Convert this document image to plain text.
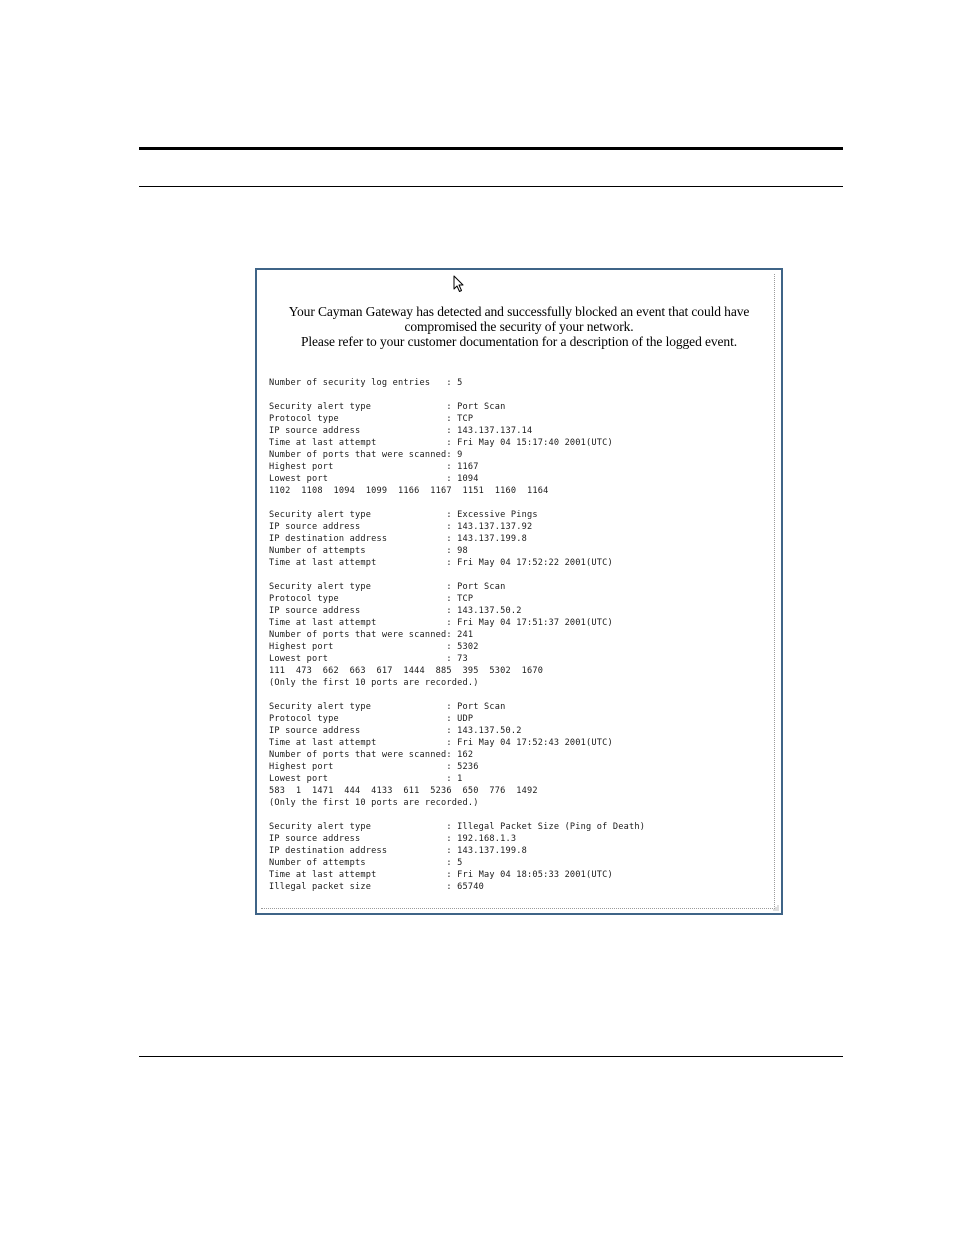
Your Cayman Gateway has detected and successfully blocked an event that could have
compromised the security of your network.
Please refer to your customer documentation for a description of the logged event.
Number of security log entries   : 5
Security alert type              : Port Scan
Protocol type                    : TCP
IP source address                : 143.137.137.14
Time at last attempt             : Fri May 04 15:17:40 2001(UTC)
Number of ports that were scanned: 9
Highest port                     : 1167
Lowest port                      : 1094
1102  1108  1094  1099  1166  1167  1151  1160  1164
Security alert type              : Excessive Pings
IP source address                : 143.137.137.92
IP destination address           : 143.137.199.8
Number of attempts               : 98
Time at last attempt             : Fri May 04 17:52:22 2001(UTC)
Security alert type              : Port Scan
Protocol type                    : TCP
IP source address                : 143.137.50.2
Time at last attempt             : Fri May 04 17:51:37 2001(UTC)
Number of ports that were scanned: 241
Highest port                     : 5302
Lowest port                      : 73
111  473  662  663  617  1444  885  395  5302  1670
(Only the first 10 ports are recorded.)
Security alert type              : Port Scan
Protocol type                    : UDP
IP source address                : 143.137.50.2
Time at last attempt             : Fri May 04 17:52:43 2001(UTC)
Number of ports that were scanned: 162
Highest port                     : 5236
Lowest port                      : 1
583  1  1471  444  4133  611  5236  650  776  1492
(Only the first 10 ports are recorded.)
Security alert type              : Illegal Packet Size (Ping of Death)
IP source address                : 192.168.1.3
IP destination address           : 143.137.199.8
Number of attempts               : 5
Time at last attempt             : Fri May 04 18:05:33 2001(UTC)
Illegal packet size              : 65740
